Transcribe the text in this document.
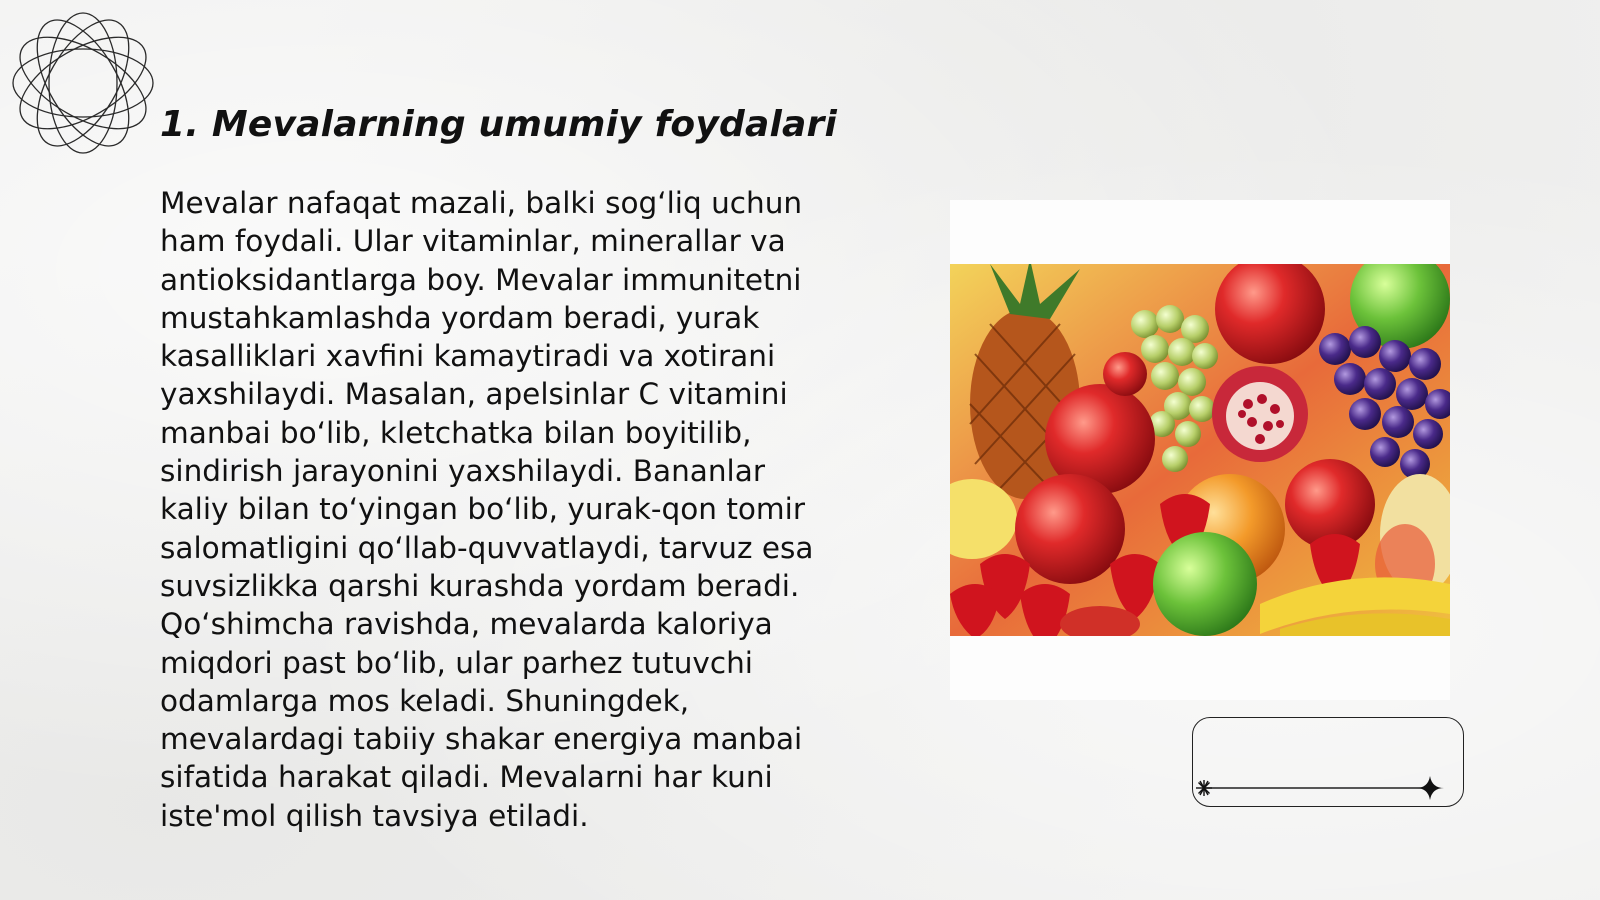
1. Mevalarning umumiy foydalari

Mevalar nafaqat mazali, balki sog‘liq uchun ham foydali. Ular vitaminlar, minerallar va antioksidantlarga boy. Mevalar immunitetni mustahkamlashda yordam beradi, yurak kasalliklari xavfini kamaytiradi va xotirani yaxshilaydi. Masalan, apelsinlar C vitamini manbai bo‘lib, kletchatka bilan boyitilib, sindirish jarayonini yaxshilaydi. Bananlar kaliy bilan to‘yingan bo‘lib, yurak-qon tomir salomatligini qo‘llab-quvvatlaydi, tarvuz esa suvsizlikka qarshi kurashda yordam beradi. Qo‘shimcha ravishda, mevalarda kaloriya miqdori past bo‘lib, ular parhez tutuvchi odamlarga mos keladi. Shuningdek, mevalardagi tabiiy shakar energiya manbai sifatida harakat qiladi. Mevalarni har kuni iste'mol qilish tavsiya etiladi.
